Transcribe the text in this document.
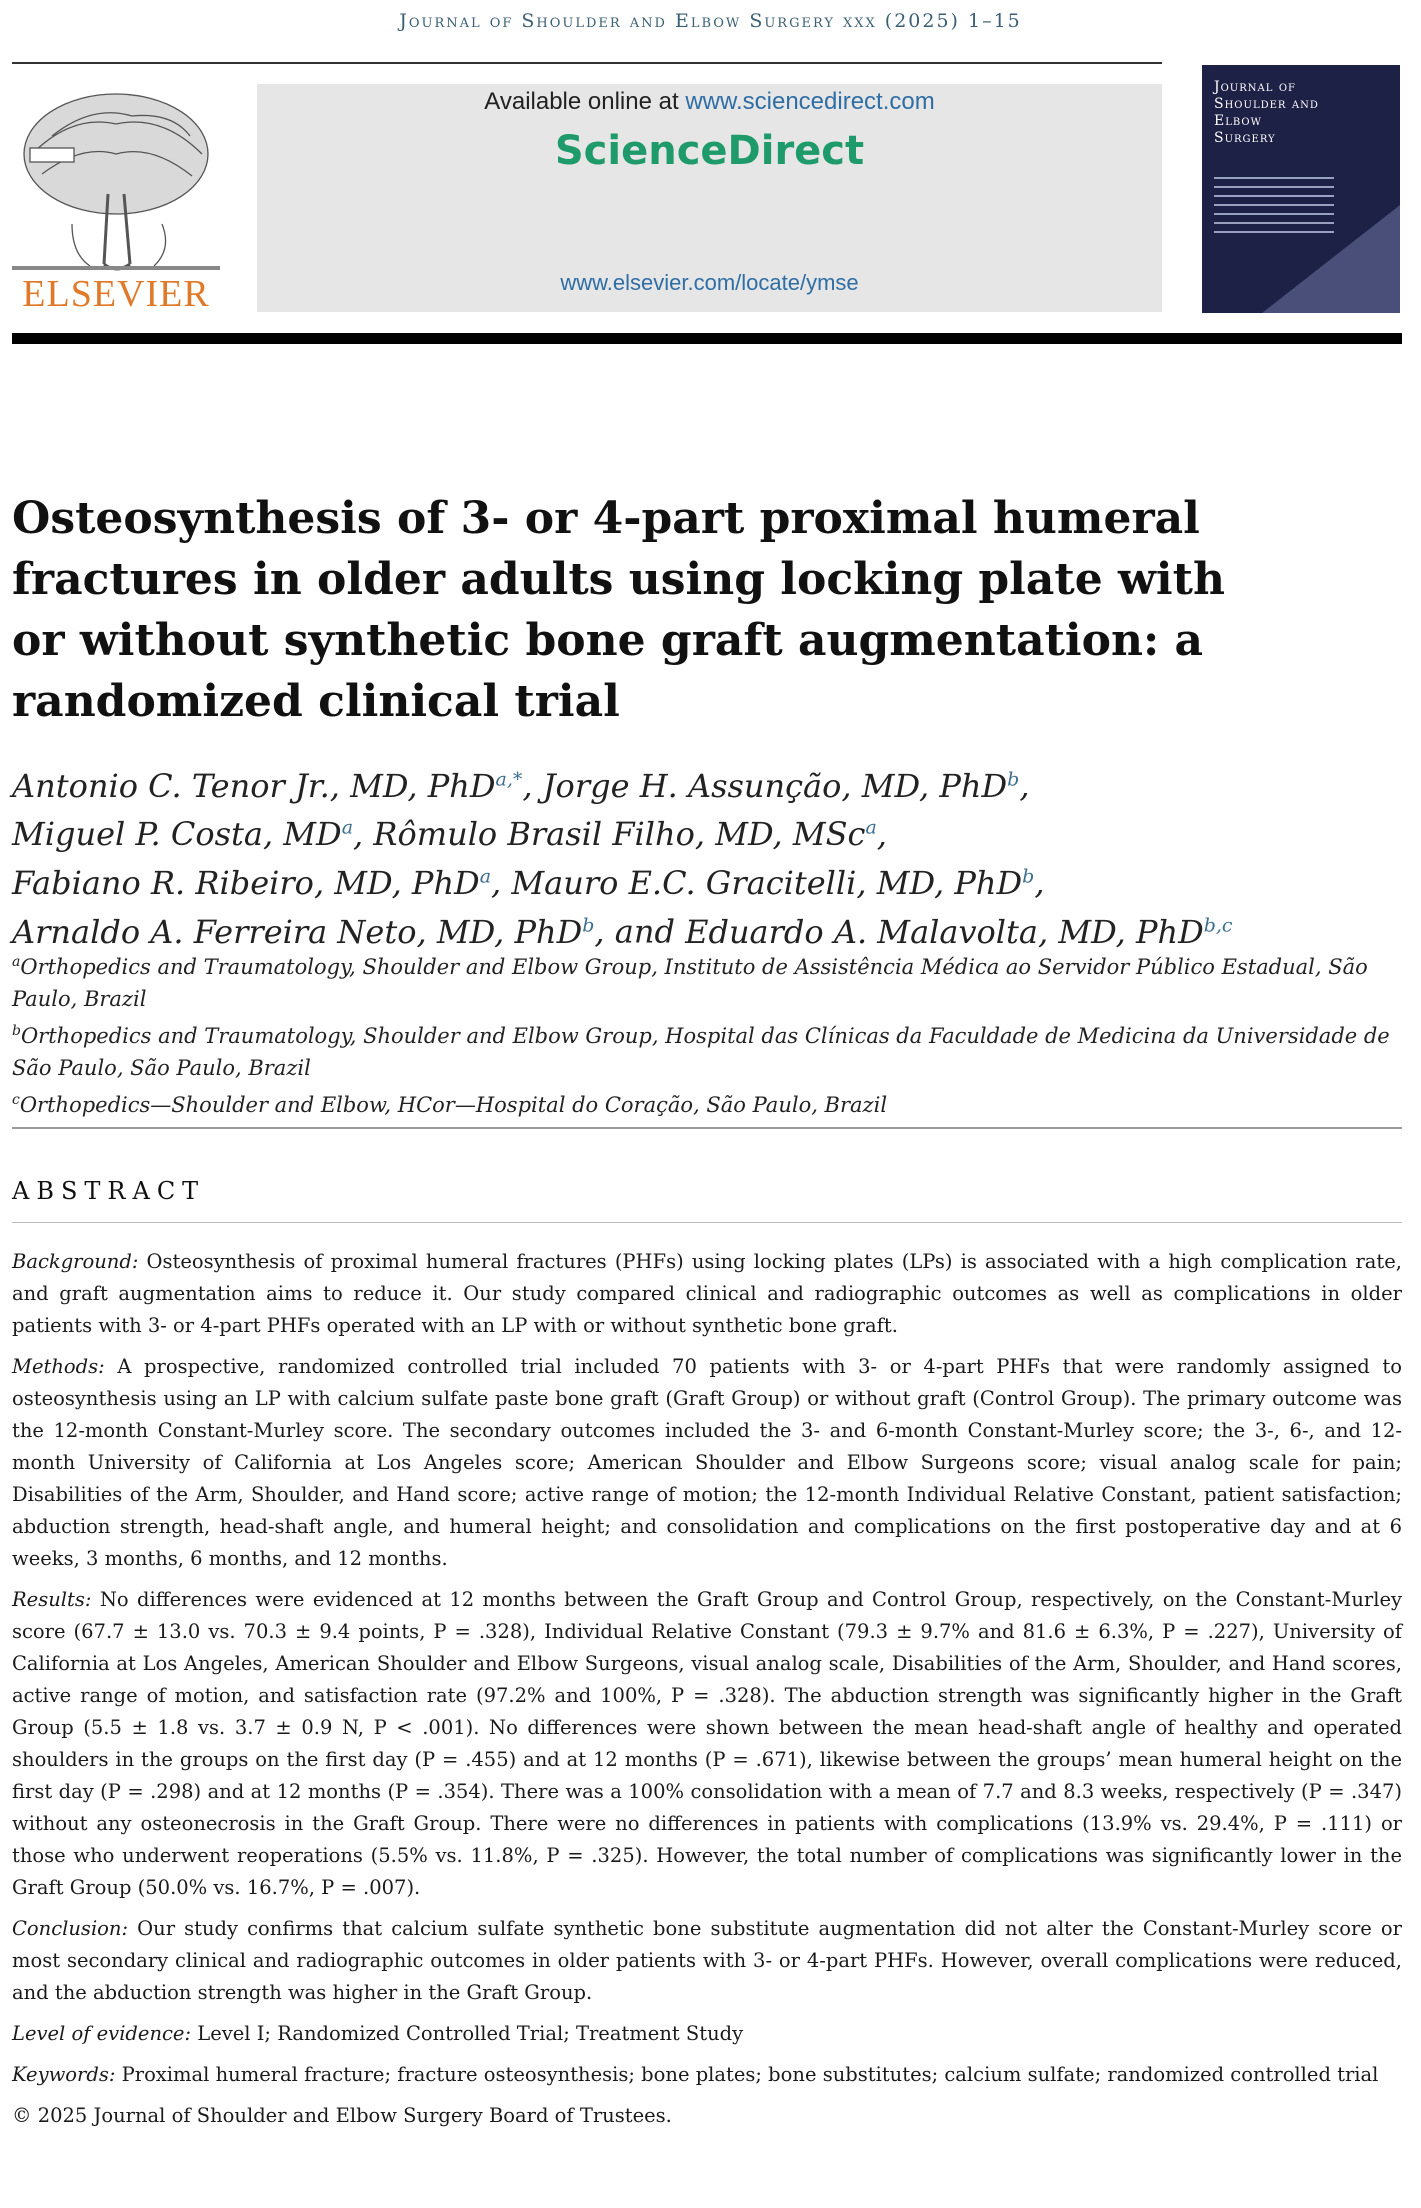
Journal of Shoulder and Elbow Surgery xxx (2025) 1–15
ELSEVIER
Available online at www.sciencedirect.com
ScienceDirect
www.elsevier.com/locate/ymse
Journal of
Shoulder and
Elbow
Surgery
Osteosynthesis of 3- or 4-part proximal humeral fractures in older adults using locking plate with or without synthetic bone graft augmentation: a randomized clinical trial
Antonio C. Tenor Jr., MD, PhD$^{a,*}$, Jorge H. Assunção, MD, PhD$^b$,
Miguel P. Costa, $MD^a$, Rômulo Brasil Filho, MD, MSc$^a$,
Fabiano R. Ribeiro, MD, PhD$^a$, Mauro E.C. Gracitelli, MD, PhD$^b$,
Arnaldo A. Ferreira Neto, MD, PhD$^b$, and Eduardo A. Malavolta, MD, PhD$^{b,c}$
$^a$Orthopedics and Traumatology, Shoulder and Elbow Group, Instituto de Assistência Médica ao Servidor Público Estadual, São Paulo, Brazil
$^b$Orthopedics and Traumatology, Shoulder and Elbow Group, Hospital das Clínicas da Faculdade de Medicina da Universidade de São Paulo, São Paulo, Brazil
$^c$Orthopedics—Shoulder and Elbow, HCor—Hospital do Coração, São Paulo, Brazil
ABSTRACT

Background: Osteosynthesis of proximal humeral fractures (PHFs) using locking plates (LPs) is associated with a high complication rate, and graft augmentation aims to reduce it. Our study compared clinical and radiographic outcomes as well as complications in older patients with 3- or 4-part PHFs operated with an LP with or without synthetic bone graft.

Methods: A prospective, randomized controlled trial included 70 patients with 3- or 4-part PHFs that were randomly assigned to osteosynthesis using an LP with calcium sulfate paste bone graft (Graft Group) or without graft (Control Group). The primary outcome was the 12-month Constant-Murley score. The secondary outcomes included the 3- and 6-month Constant-Murley score; the 3-, 6-, and 12-month University of California at Los Angeles score; American Shoulder and Elbow Surgeons score; visual analog scale for pain; Disabilities of the Arm, Shoulder, and Hand score; active range of motion; the 12-month Individual Relative Constant, patient satisfaction; abduction strength, head-shaft angle, and humeral height; and consolidation and complications on the first postoperative day and at 6 weeks, 3 months, 6 months, and 12 months.

Results: No differences were evidenced at 12 months between the Graft Group and Control Group, respectively, on the Constant-Murley score (67.7 ± 13.0 vs. 70.3 ± 9.4 points, P = .328), Individual Relative Constant (79.3 ± 9.7% and 81.6 ± 6.3%, P = .227), University of California at Los Angeles, American Shoulder and Elbow Surgeons, visual analog scale, Disabilities of the Arm, Shoulder, and Hand scores, active range of motion, and satisfaction rate (97.2% and 100%, P = .328). The abduction strength was significantly higher in the Graft Group (5.5 ± 1.8 vs. 3.7 ± 0.9 N, P < .001). No differences were shown between the mean head-shaft angle of healthy and operated shoulders in the groups on the first day (P = .455) and at 12 months (P = .671), likewise between the groups’ mean humeral height on the first day (P = .298) and at 12 months (P = .354). There was a 100% consolidation with a mean of 7.7 and 8.3 weeks, respectively (P = .347) without any osteonecrosis in the Graft Group. There were no differences in patients with complications (13.9% vs. 29.4%, P = .111) or those who underwent reoperations (5.5% vs. 11.8%, P = .325). However, the total number of complications was significantly lower in the Graft Group (50.0% vs. 16.7%, P = .007).

Conclusion: Our study confirms that calcium sulfate synthetic bone substitute augmentation did not alter the Constant-Murley score or most secondary clinical and radiographic outcomes in older patients with 3- or 4-part PHFs. However, overall complications were reduced, and the abduction strength was higher in the Graft Group.

Level of evidence: Level I; Randomized Controlled Trial; Treatment Study

Keywords: Proximal humeral fracture; fracture osteosynthesis; bone plates; bone substitutes; calcium sulfate; randomized controlled trial

© 2025 Journal of Shoulder and Elbow Surgery Board of Trustees.
